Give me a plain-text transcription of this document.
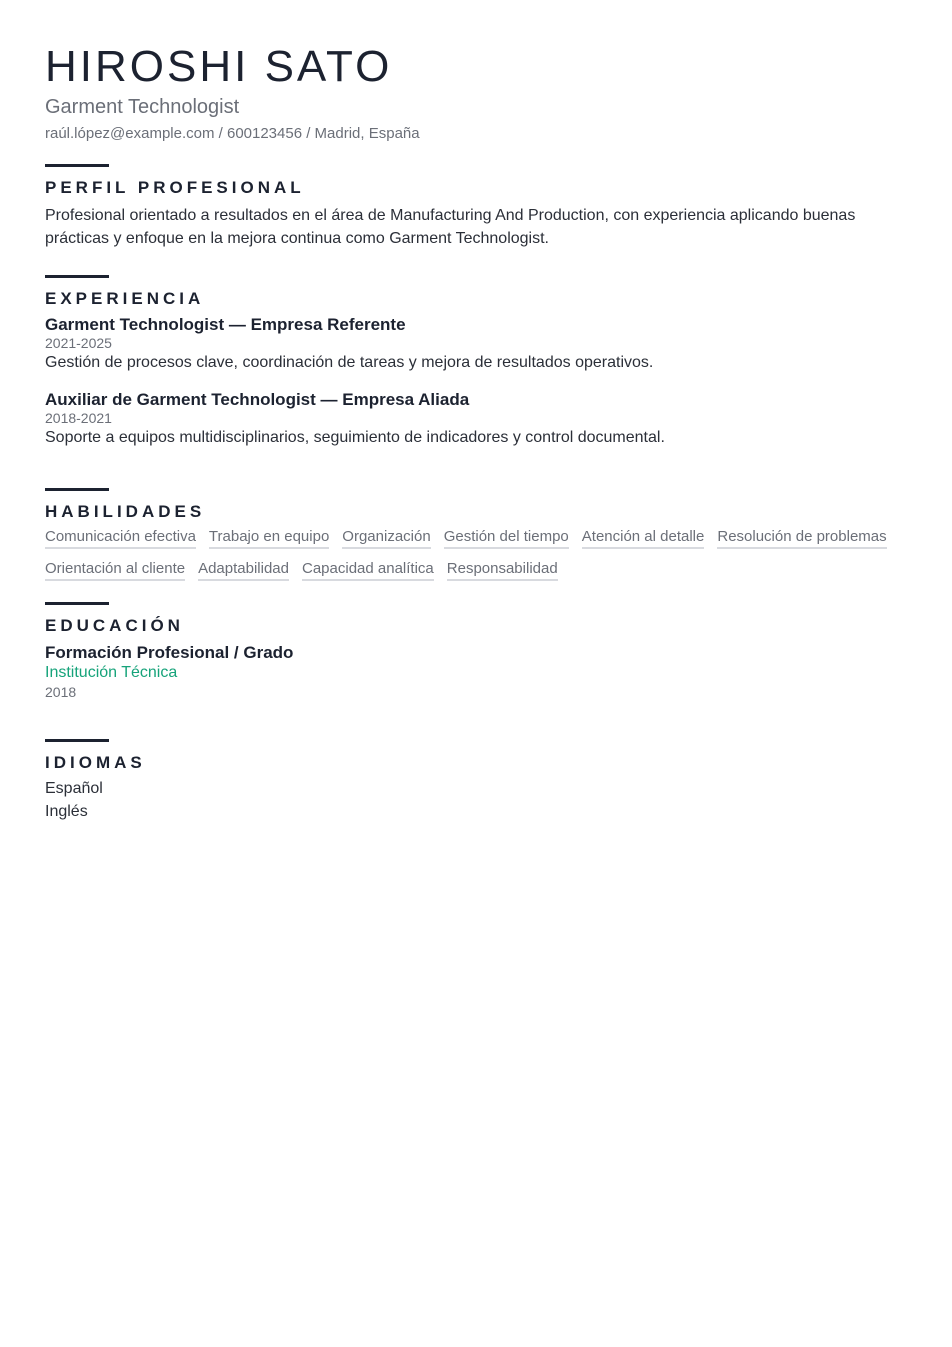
HIROSHI SATO
Garment Technologist
raúl.lópez@example.com / 600123456 / Madrid, España
PERFIL PROFESIONAL
Profesional orientado a resultados en el área de Manufacturing And Production, con experiencia aplicando buenas prácticas y enfoque en la mejora continua como Garment Technologist.
EXPERIENCIA
Garment Technologist — Empresa Referente
2021-2025
Gestión de procesos clave, coordinación de tareas y mejora de resultados operativos.
Auxiliar de Garment Technologist — Empresa Aliada
2018-2021
Soporte a equipos multidisciplinarios, seguimiento de indicadores y control documental.
HABILIDADES
Comunicación efectiva Trabajo en equipo Organización Gestión del tiempo Atención al detalle Resolución de problemas
Orientación al cliente Adaptabilidad Capacidad analítica Responsabilidad
EDUCACIÓN
Formación Profesional / Grado
Institución Técnica
2018
IDIOMAS
Español
Inglés
